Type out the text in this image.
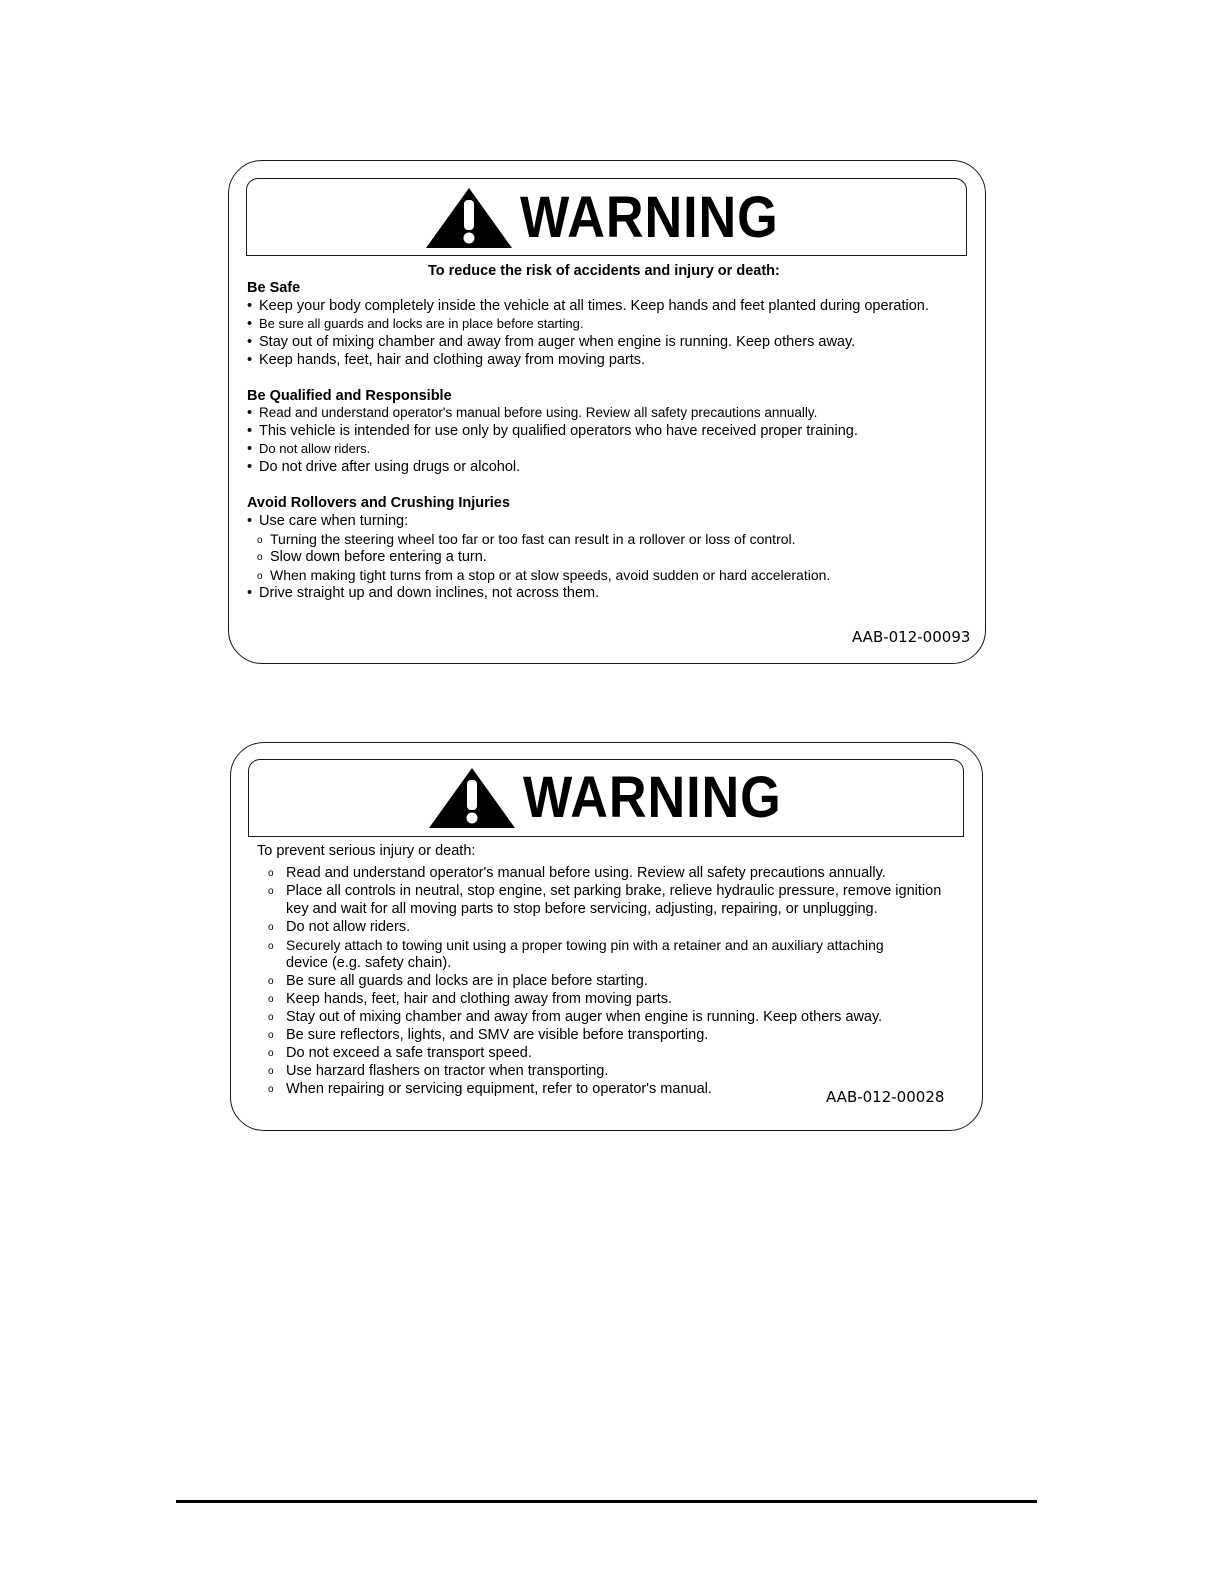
WARNING
To reduce the risk of accidents and injury or death:
Be Safe
• Keep your body completely inside the vehicle at all times. Keep hands and feet planted during operation.
• Be sure all guards and locks are in place before starting.
• Stay out of mixing chamber and away from auger when engine is running. Keep others away.
• Keep hands, feet, hair and clothing away from moving parts.
Be Qualified and Responsible
• Read and understand operator's manual before using. Review all safety precautions annually.
• This vehicle is intended for use only by qualified operators who have received proper training.
• Do not allow riders.
• Do not drive after using drugs or alcohol.
Avoid Rollovers and Crushing Injuries
• Use care when turning:
o Turning the steering wheel too far or too fast can result in a rollover or loss of control.
o Slow down before entering a turn.
o When making tight turns from a stop or at slow speeds, avoid sudden or hard acceleration.
• Drive straight up and down inclines, not across them.
AAB-012-00093
WARNING
To prevent serious injury or death:
o Read and understand operator's manual before using. Review all safety precautions annually.
o Place all controls in neutral, stop engine, set parking brake, relieve hydraulic pressure, remove ignition
key and wait for all moving parts to stop before servicing, adjusting, repairing, or unplugging.
o Do not allow riders.
o Securely attach to towing unit using a proper towing pin with a retainer and an auxiliary attaching
device (e.g. safety chain).
o Be sure all guards and locks are in place before starting.
o Keep hands, feet, hair and clothing away from moving parts.
o Stay out of mixing chamber and away from auger when engine is running. Keep others away.
o Be sure reflectors, lights, and SMV are visible before transporting.
o Do not exceed a safe transport speed.
o Use harzard flashers on tractor when transporting.
o When repairing or servicing equipment, refer to operator's manual.	AAB-012-00028
